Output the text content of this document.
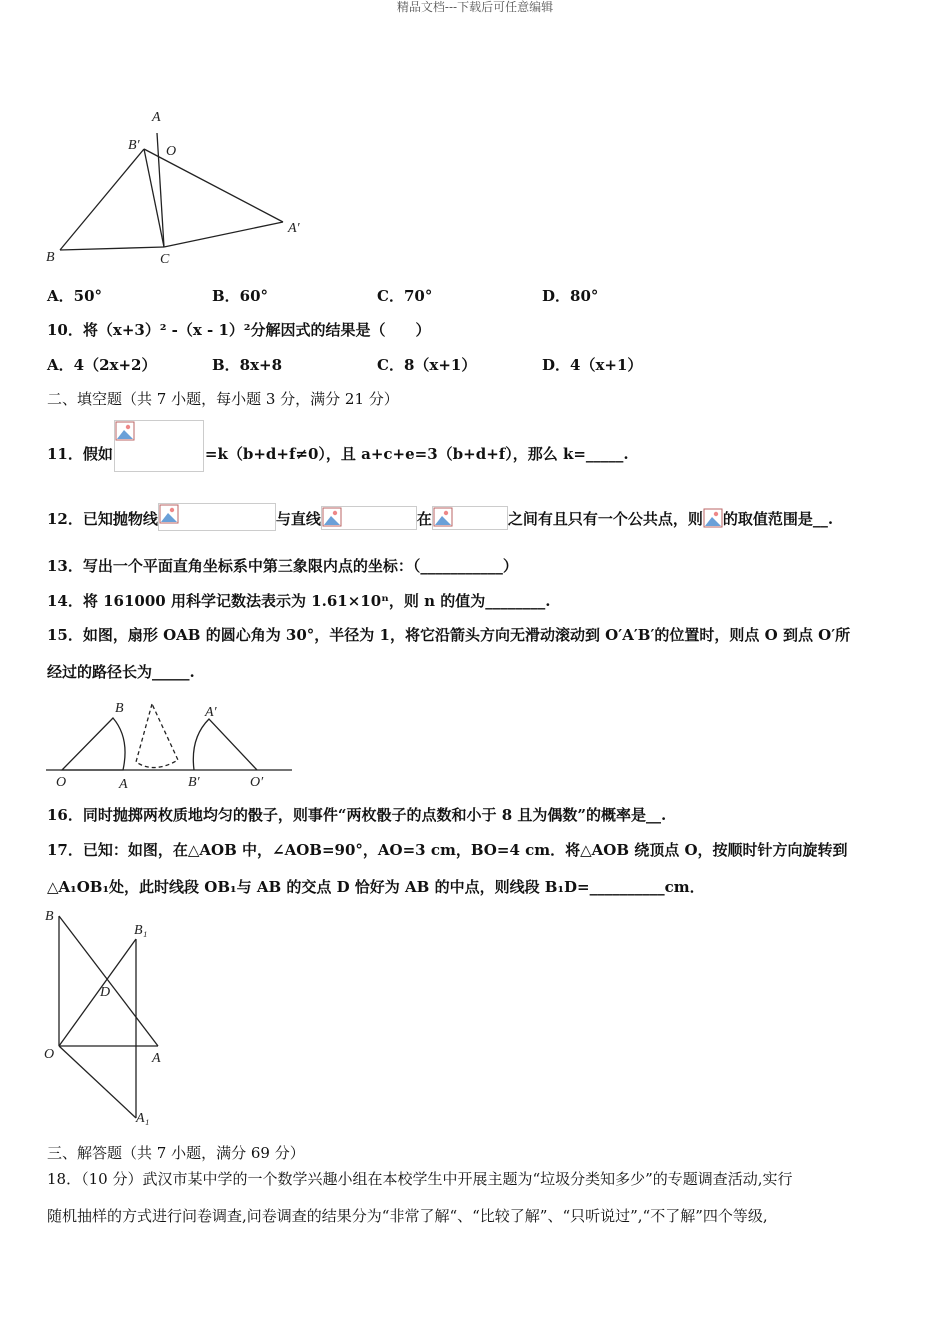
精品文档---下载后可任意编辑
A
B′ O
A′
B	C
A．50°	B．60°	C．70°	D．80°
10．将（x+3）² -（x - 1）²分解因式的结果是（　　）
A．4（2x+2）	B．8x+8	C．8（x+1）	D．4（x+1）
二、填空题（共 7 小题，每小题 3 分，满分 21 分）
11．假如	=k（b+d+f≠0），且 a+c+e=3（b+d+f），那么 k=_____.
12．已知抛物线	与直线	在	之间有且只有一个公共点，则 的取值范围是__.
13．写出一个平面直角坐标系中第三象限内点的坐标：（___________）
14．将 161000 用科学记数法表示为 1.61×10ⁿ，则 n 的值为________.
15．如图，扇形 OAB 的圆心角为 30°，半径为 1，将它沿箭头方向无滑动滚动到 O′A′B′的位置时，则点 O 到点 O′所
经过的路径长为_____.
B	A′
O	A	B′	O′
16．同时抛掷两枚质地均匀的骰子，则事件“两枚骰子的点数和小于 8 且为偶数”的概率是__.
17．已知：如图，在△AOB 中，∠AOB=90°，AO=3 cm，BO=4 cm．将△AOB 绕顶点 O，按顺时针方向旋转到
△A₁OB₁处，此时线段 OB₁与 AB 的交点 D 恰好为 AB 的中点，则线段 B₁D=__________cm．
B
B₁
D
O	A
A₁
三、解答题（共 7 小题，满分 69 分）
18．（10 分）武汉市某中学的一个数学兴趣小组在本校学生中开展主题为“垃圾分类知多少”的专题调查活动,实行
随机抽样的方式进行问卷调查,问卷调查的结果分为“非常了解“、“比较了解”、“只听说过”,“不了解”四个等级,
